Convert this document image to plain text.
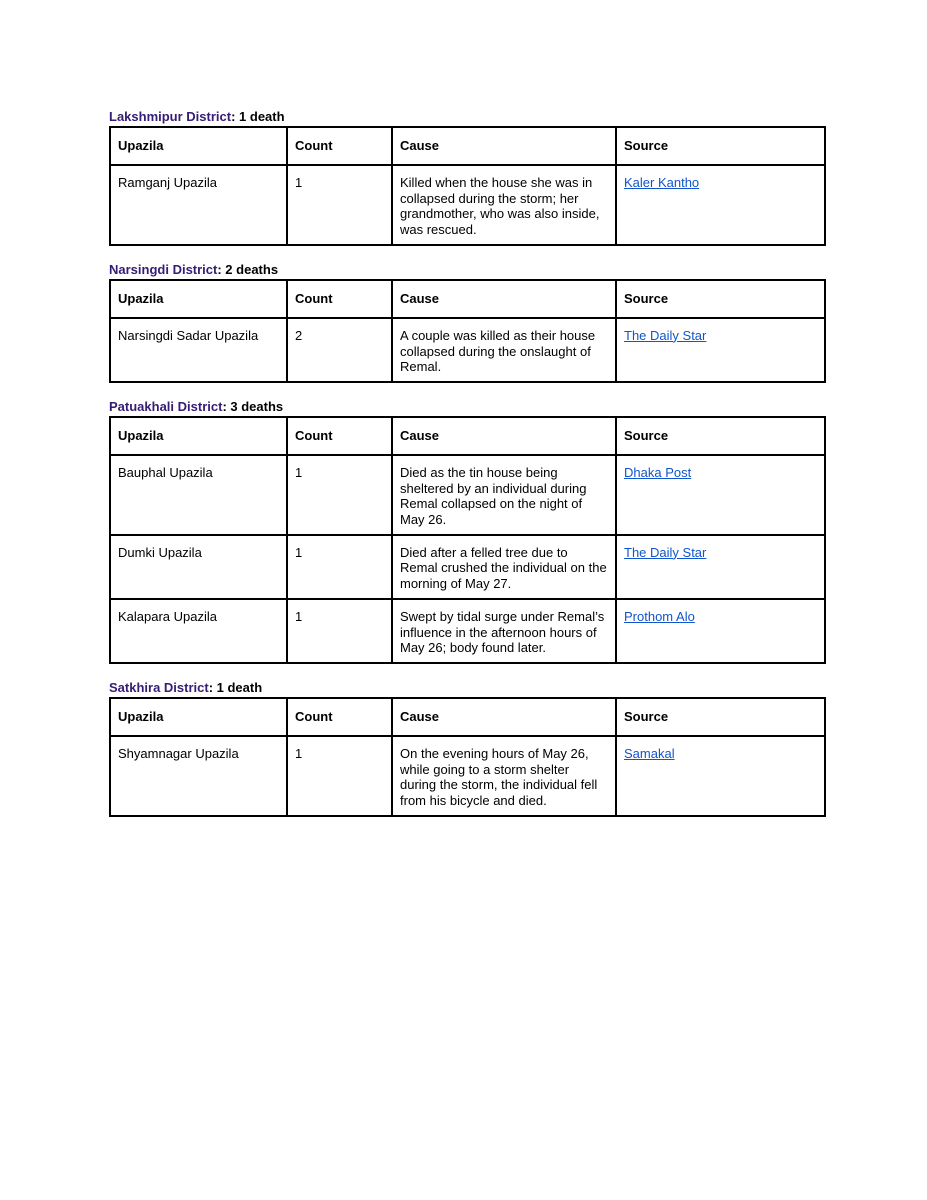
Lakshmipur District: 1 death

Upazila	Count	Cause	Source
Ramganj Upazila	1	Killed when the house she was in collapsed during the storm; her grandmother, who was also inside, was rescued.	Kaler Kantho

Narsingdi District: 2 deaths

Upazila	Count	Cause	Source
Narsingdi Sadar Upazila	2	A couple was killed as their house collapsed during the onslaught of Remal.	The Daily Star

Patuakhali District: 3 deaths

Upazila	Count	Cause	Source
Bauphal Upazila	1	Died as the tin house being sheltered by an individual during Remal collapsed on the night of May 26.	Dhaka Post
Dumki Upazila	1	Died after a felled tree due to Remal crushed the individual on the morning of May 27.	The Daily Star
Kalapara Upazila	1	Swept by tidal surge under Remal’s influence in the afternoon hours of May 26; body found later.	Prothom Alo

Satkhira District: 1 death

Upazila	Count	Cause	Source
Shyamnagar Upazila	1	On the evening hours of May 26, while going to a storm shelter during the storm, the individual fell from his bicycle and died.	Samakal
